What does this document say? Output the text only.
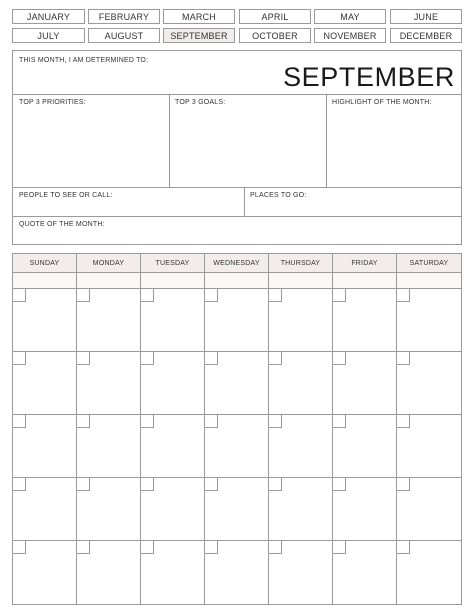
JANUARY	FEBRUARY	MARCH	APRIL	MAY	JUNE
JULY	AUGUST	SEPTEMBER	OCTOBER	NOVEMBER	DECEMBER
THIS MONTH, I AM DETERMINED TO:
SEPTEMBER
TOP 3 PRIORITIES:	TOP 3 GOALS:	HIGHLIGHT OF THE MONTH:
PEOPLE TO SEE OR CALL:	PLACES TO GO:
QUOTE OF THE MONTH:
SUNDAY	MONDAY	TUESDAY	WEDNESDAY	THURSDAY	FRIDAY	SATURDAY
